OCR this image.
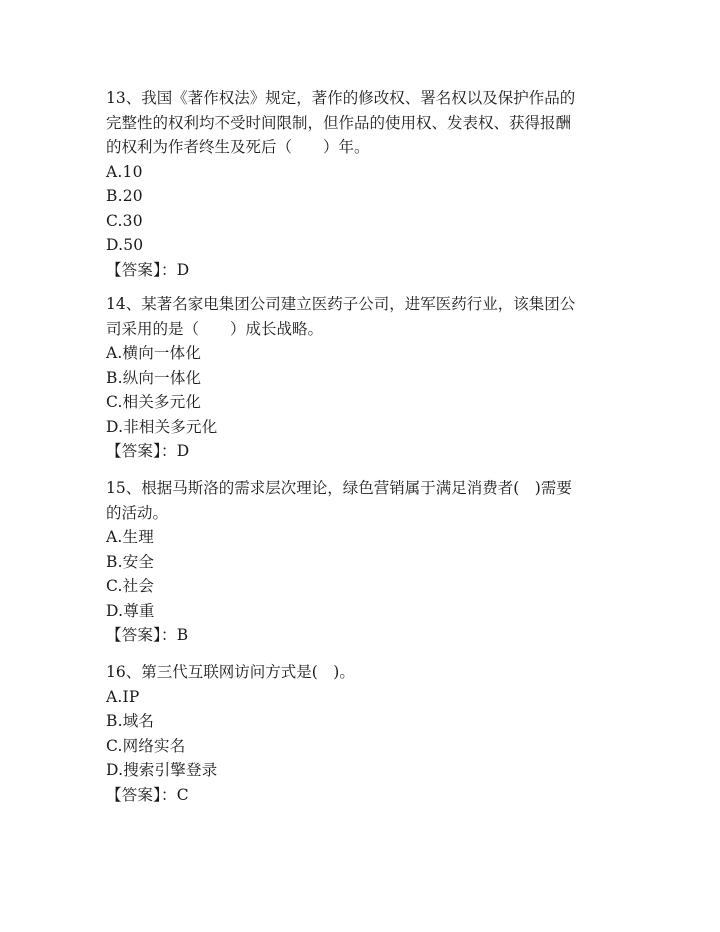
13、我国《著作权法》规定，著作的修改权、署名权以及保护作品的
完整性的权利均不受时间限制，但作品的使用权、发表权、获得报酬
的权利为作者终生及死后（　　）年。
A.10
B.20
C.30
D.50
【答案】：D
14、某著名家电集团公司建立医药子公司，进军医药行业，该集团公
司采用的是（　　）成长战略。
A.横向一体化
B.纵向一体化
C.相关多元化
D.非相关多元化
【答案】：D
15、根据马斯洛的需求层次理论，绿色营销属于满足消费者(　)需要
的活动。
A.生理
B.安全
C.社会
D.尊重
【答案】：B
16、第三代互联网访问方式是(　)。
A.IP
B.域名
C.网络实名
D.搜索引擎登录
【答案】：C
